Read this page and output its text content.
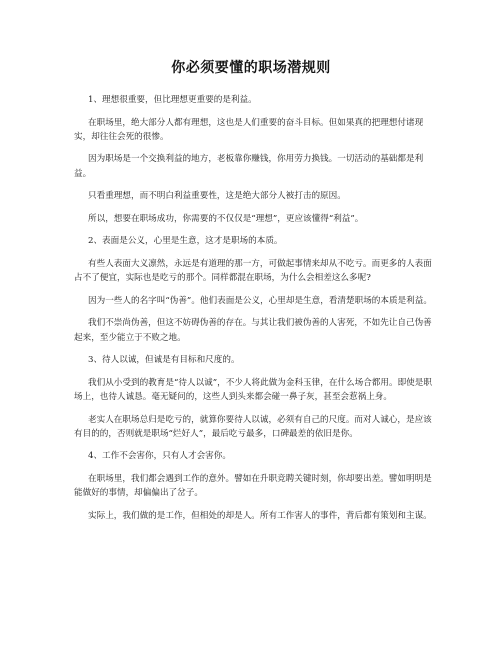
你必须要懂的职场潜规则

1、理想很重要，但比理想更重要的是利益。

在职场里，绝大部分人都有理想，这也是人们重要的奋斗目标。但如果真的把理想付诸现实，却往往会死的很惨。

因为职场是一个交换利益的地方，老板靠你赚钱，你用劳力换钱。一切活动的基础都是利益。

只看重理想，而不明白利益重要性，这是绝大部分人被打击的原因。

所以，想要在职场成功，你需要的不仅仅是“理想”，更应该懂得“利益”。

2、表面是公义，心里是生意，这才是职场的本质。

有些人表面大义凛然，永远是有道理的那一方，可做起事情来却从不吃亏。而更多的人表面占不了便宜，实际也是吃亏的那个。同样都混在职场，为什么会相差这么多呢?

因为一些人的名字叫“伪善”。他们表面是公义，心里却是生意，看清楚职场的本质是利益。

我们不崇尚伪善，但这不妨碍伪善的存在。与其让我们被伪善的人害死，不如先让自己伪善起来，至少能立于不败之地。

3、待人以诚，但诚是有目标和尺度的。

我们从小受到的教育是“待人以诚”，不少人将此做为金科玉律，在什么场合都用。即使是职场上，也待人诚恳。毫无疑问的，这些人到头来都会碰一鼻子灰，甚至会惹祸上身。

老实人在职场总归是吃亏的，就算你要待人以诚，必须有自己的尺度。而对人诚心，是应该有目的的，否则就是职场“烂好人”，最后吃亏最多，口碑最差的依旧是你。

4、工作不会害你，只有人才会害你。

在职场里，我们都会遇到工作的意外。譬如在升职竞聘关键时刻，你却要出差。譬如明明是能做好的事情，却偏偏出了岔子。

实际上，我们做的是工作，但相处的却是人。所有工作害人的事件，背后都有策划和主谋。
